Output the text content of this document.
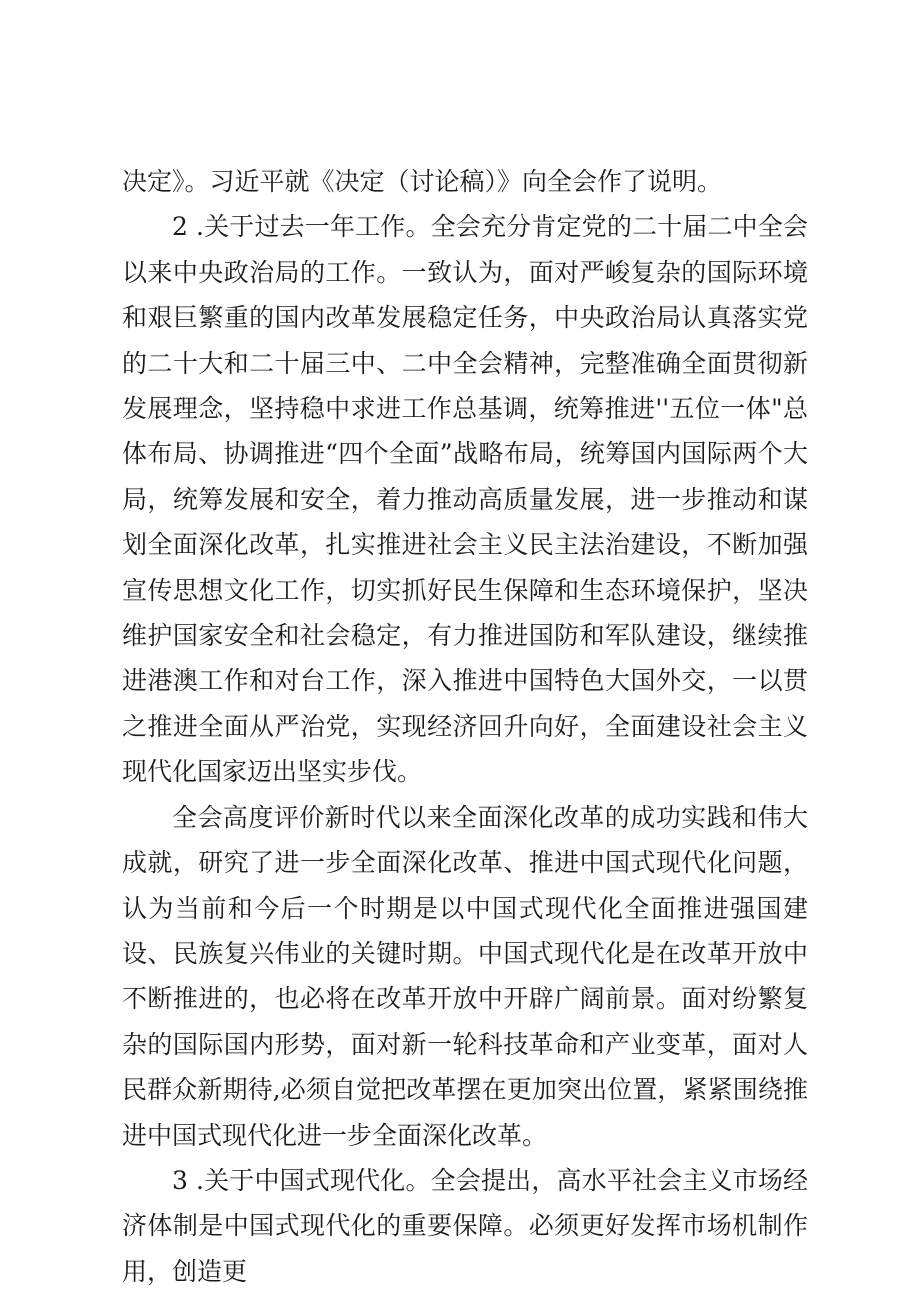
决定》。习近平就《决定（讨论稿）》向全会作了说明。

2 .关于过去一年工作。全会充分肯定党的二十届二中全会以来中央政治局的工作。一致认为，面对严峻复杂的国际环境和艰巨繁重的国内改革发展稳定任务，中央政治局认真落实党的二十大和二十届三中、二中全会精神，完整准确全面贯彻新发展理念，坚持稳中求进工作总基调，统筹推进''五位一体"总体布局、协调推进“四个全面”战略布局，统筹国内国际两个大局，统筹发展和安全，着力推动高质量发展，进一步推动和谋划全面深化改革，扎实推进社会主义民主法治建设，不断加强宣传思想文化工作，切实抓好民生保障和生态环境保护，坚决维护国家安全和社会稳定，有力推进国防和军队建设，继续推进港澳工作和对台工作，深入推进中国特色大国外交，一以贯之推进全面从严治党，实现经济回升向好，全面建设社会主义现代化国家迈出坚实步伐。

全会高度评价新时代以来全面深化改革的成功实践和伟大成就，研究了进一步全面深化改革、推进中国式现代化问题，认为当前和今后一个时期是以中国式现代化全面推进强国建设、民族复兴伟业的关键时期。中国式现代化是在改革开放中不断推进的，也必将在改革开放中开辟广阔前景。面对纷繁复杂的国际国内形势，面对新一轮科技革命和产业变革，面对人民群众新期待,必须自觉把改革摆在更加突出位置，紧紧围绕推进中国式现代化进一步全面深化改革。

3 .关于中国式现代化。全会提出，高水平社会主义市场经济体制是中国式现代化的重要保障。必须更好发挥市场机制作用，创造更
